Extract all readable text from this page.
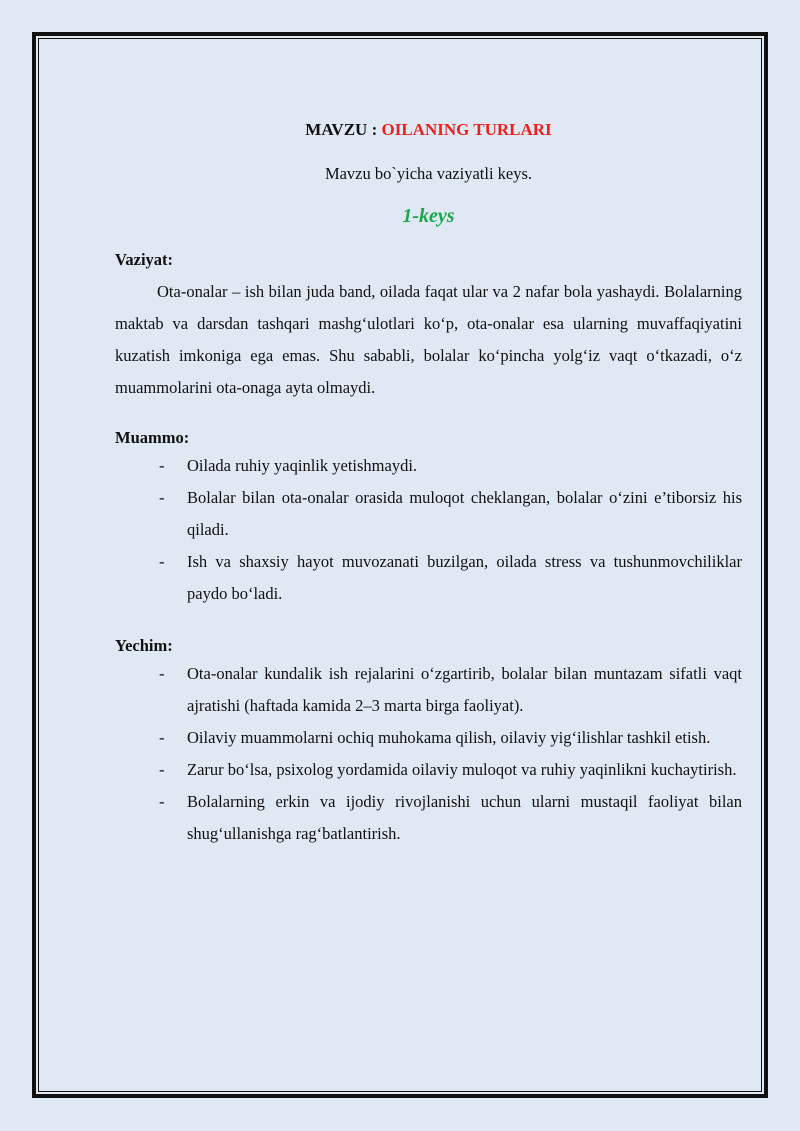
MAVZU : OILANING TURLARI

Mavzu bo`yicha vaziyatli keys.

1-keys

Vaziyat:

Ota-onalar – ish bilan juda band, oilada faqat ular va 2 nafar bola yashaydi. Bolalarning maktab va darsdan tashqari mashg‘ulotlari ko‘p, ota-onalar esa ularning muvaffaqiyatini kuzatish imkoniga ega emas. Shu sababli, bolalar ko‘pincha yolg‘iz vaqt o‘tkazadi, o‘z muammolarini ota-onaga ayta olmaydi.

Muammo:

- Oilada ruhiy yaqinlik yetishmaydi.
- Bolalar bilan ota-onalar orasida muloqot cheklangan, bolalar o‘zini e’tiborsiz his qiladi.
- Ish va shaxsiy hayot muvozanati buzilgan, oilada stress va tushunmovchiliklar paydo bo‘ladi.

Yechim:

- Ota-onalar kundalik ish rejalarini o‘zgartirib, bolalar bilan muntazam sifatli vaqt ajratishi (haftada kamida 2–3 marta birga faoliyat).
- Oilaviy muammolarni ochiq muhokama qilish, oilaviy yig‘ilishlar tashkil etish.
- Zarur bo‘lsa, psixolog yordamida oilaviy muloqot va ruhiy yaqinlikni kuchaytirish.
- Bolalarning erkin va ijodiy rivojlanishi uchun ularni mustaqil faoliyat bilan shug‘ullanishga rag‘batlantirish.
